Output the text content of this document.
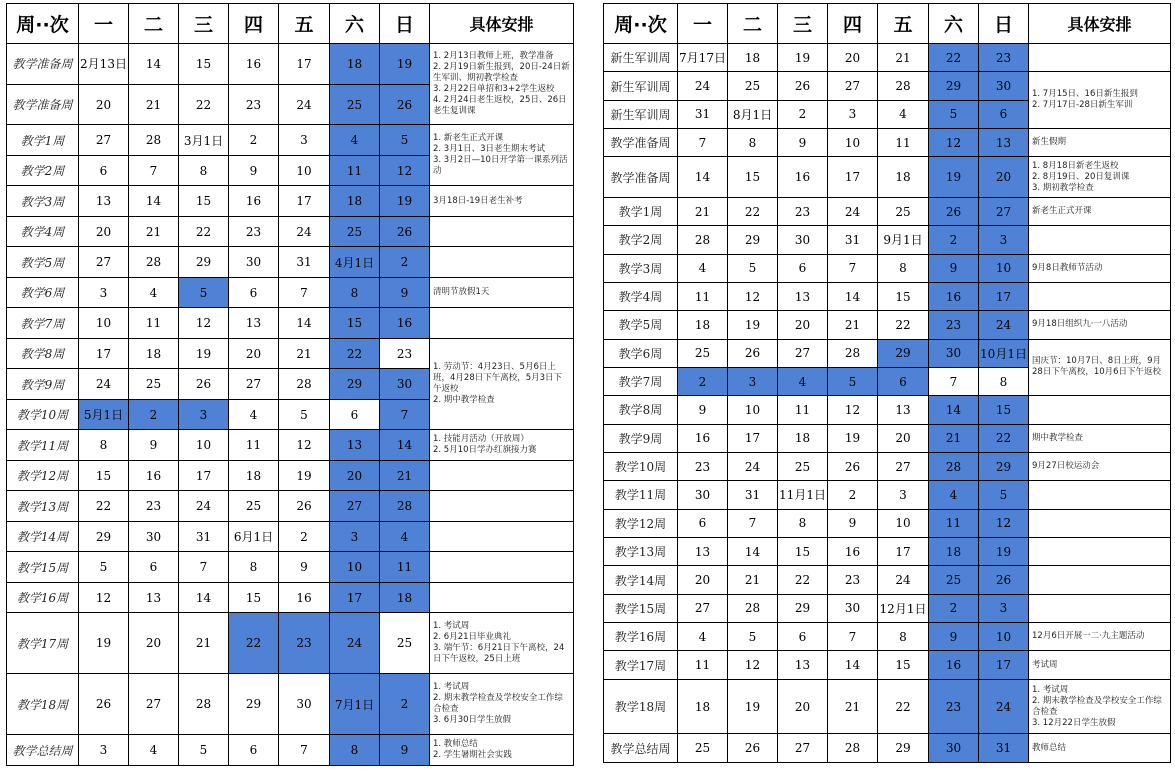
周··次	一	二	三	四	五	六	日	具体安排
教学准备周	2月13日	14	15	16	17	18	19	1. 2月13日教师上班，教学准备
2. 2月19日新生报到，20日-24日新生军训、期初教学检查
3. 2月22日单招和3+2学生返校
4. 2月24日老生返校，25日、26日老生复训课

教学准备周	20	21	22	23	24	25	26	
教学1周	27	28	3月1日	2	3	4	5	1. 新老生正式开课
2. 3月1日、3日老生期末考试
3. 3月2日—10日开学第一课系列活动

教学2周	6	7	8	9	10	11	12	
教学3周	13	14	15	16	17	18	19	3月18日-19日老生补考

教学4周	20	21	22	23	24	25	26	
教学5周	27	28	29	30	31	4月1日	2	
教学6周	3	4	5	6	7	8	9	清明节放假1天

教学7周	10	11	12	13	14	15	16	
教学8周	17	18	19	20	21	22	23	1. 劳动节：4月23日、5月6日上班，4月28日下午离校，5月3日下午返校
2. 期中教学检查

教学9周	24	25	26	27	28	29	30	
教学10周	5月1日	2	3	4	5	6	7	
教学11周	8	9	10	11	12	13	14	1. 技能月活动（开放周）
2. 5月10日学办红旗接力赛

教学12周	15	16	17	18	19	20	21	
教学13周	22	23	24	25	26	27	28	
教学14周	29	30	31	6月1日	2	3	4	
教学15周	5	6	7	8	9	10	11	
教学16周	12	13	14	15	16	17	18	
教学17周	19	20	21	22	23	24	25	1. 考试周
2. 6月21日毕业典礼
3. 端午节：6月21日下午离校，24日下午返校，25日上班

教学18周	26	27	28	29	30	7月1日	2	1. 考试周
2. 期末教学检查及学校安全工作综合检查
3. 6月30日学生放假

教学总结周	3	4	5	6	7	8	9	1. 教师总结
2. 学生暑期社会实践
周··次	一	二	三	四	五	六	日	具体安排
新生军训周	7月17日	18	19	20	21	22	23	
新生军训周	24	25	26	27	28	29	30	1. 7月15日、16日新生报到
2. 7月17日-28日新生军训

新生军训周	31	8月1日	2	3	4	5	6	
教学准备周	7	8	9	10	11	12	13	新生假期

教学准备周	14	15	16	17	18	19	20	1. 8月18日新老生返校
2. 8月19日、20日复训课
3. 期初教学检查

教学1周	21	22	23	24	25	26	27	新老生正式开课

教学2周	28	29	30	31	9月1日	2	3	
教学3周	4	5	6	7	8	9	10	9月8日教师节活动

教学4周	11	12	13	14	15	16	17	
教学5周	18	19	20	21	22	23	24	9月18日组织九·一八活动

教学6周	25	26	27	28	29	30	10月1日	国庆节：10月7日、8日上班，9月28日下午离校，10月6日下午返校

教学7周	2	3	4	5	6	7	8	
教学8周	9	10	11	12	13	14	15	
教学9周	16	17	18	19	20	21	22	期中教学检查

教学10周	23	24	25	26	27	28	29	9月27日校运动会

教学11周	30	31	11月1日	2	3	4	5	
教学12周	6	7	8	9	10	11	12	
教学13周	13	14	15	16	17	18	19	
教学14周	20	21	22	23	24	25	26	
教学15周	27	28	29	30	12月1日	2	3	
教学16周	4	5	6	7	8	9	10	12月6日开展一二·九主题活动

教学17周	11	12	13	14	15	16	17	考试周

教学18周	18	19	20	21	22	23	24	1. 考试周
2. 期末教学检查及学校安全工作综合检查
3. 12月22日学生放假

教学总结周	25	26	27	28	29	30	31	教师总结
